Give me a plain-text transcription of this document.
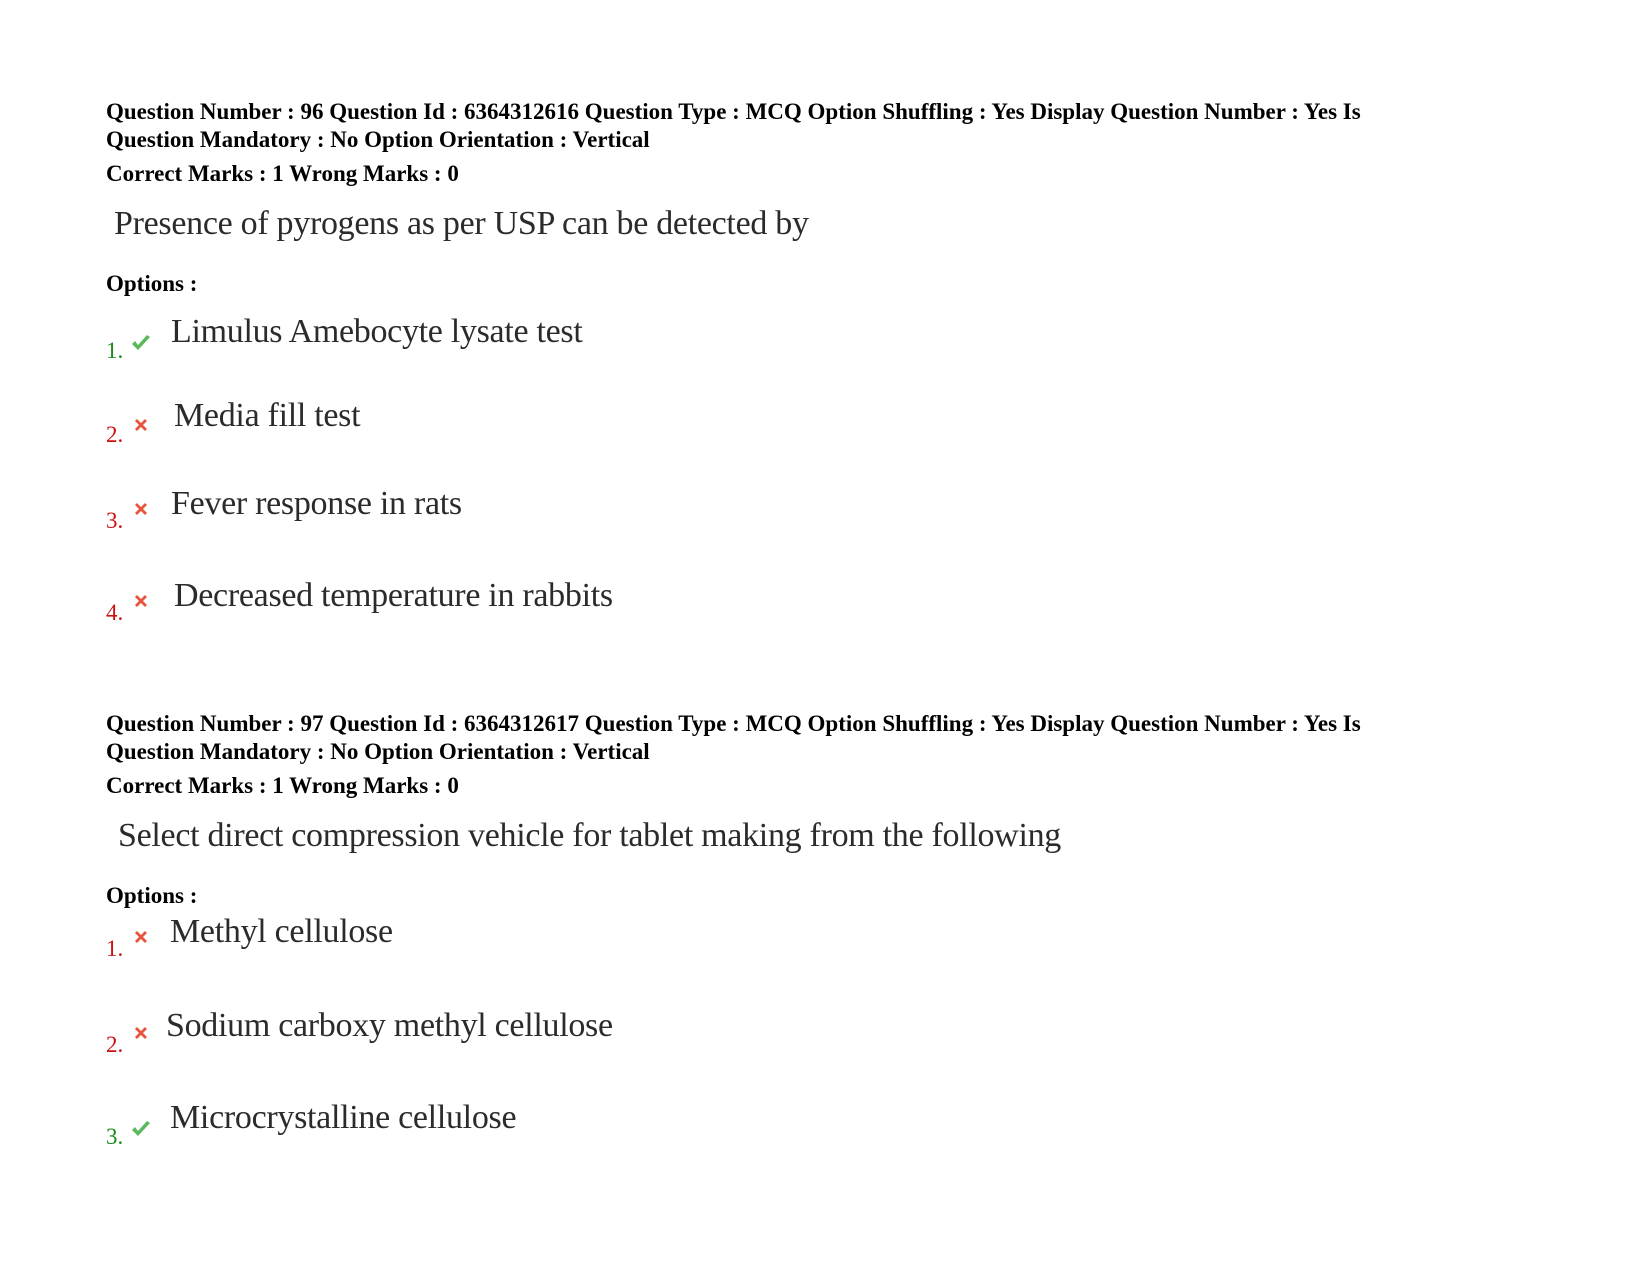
Question Number : 96 Question Id : 6364312616 Question Type : MCQ Option Shuffling : Yes Display Question Number : Yes Is
Question Mandatory : No Option Orientation : Vertical
Correct Marks : 1 Wrong Marks : 0
Presence of pyrogens as per USP can be detected by
Options :
1.
Limulus Amebocyte lysate test
2.
Media fill test
3. Fever response in rats
4. Decreased temperature in rabbits
Question Number : 97 Question Id : 6364312617 Question Type : MCQ Option Shuffling : Yes Display Question Number : Yes Is
Question Mandatory : No Option Orientation : Vertical
Correct Marks : 1 Wrong Marks : 0
Select direct compression vehicle for tablet making from the following
Options :
1. Methyl cellulose
2.
Sodium carboxy methyl cellulose
3.
Microcrystalline cellulose
